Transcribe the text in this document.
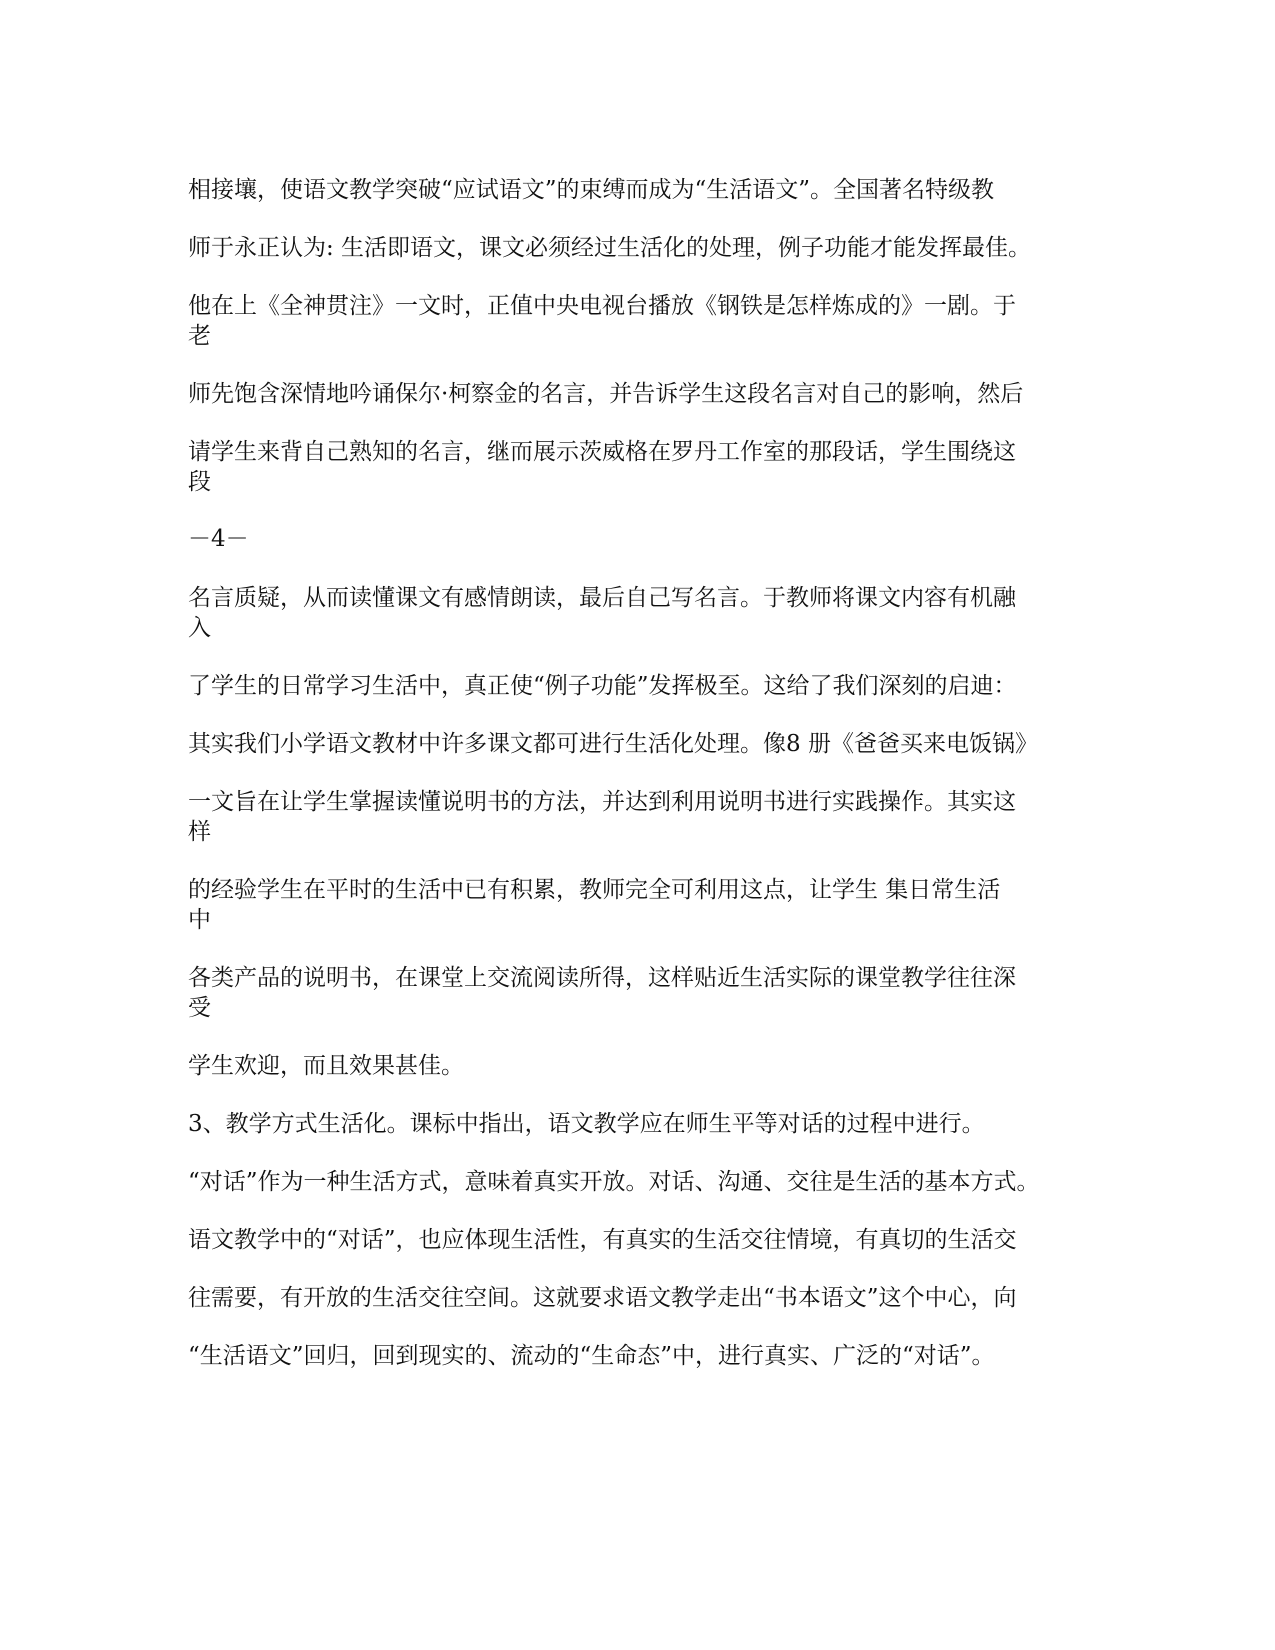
相接壤，使语文教学突破“应试语文”的束缚而成为“生活语文”。全国著名特级教

师于永正认为: 生活即语文，课文必须经过生活化的处理，例子功能才能发挥最佳。

他在上《全神贯注》一文时，正值中央电视台播放《钢铁是怎样炼成的》一剧。于

老

师先饱含深情地吟诵保尔·柯察金的名言，并告诉学生这段名言对自己的影响，然后

请学生来背自己熟知的名言，继而展示茨威格在罗丹工作室的那段话，学生围绕这

段

－4－

名言质疑，从而读懂课文有感情朗读，最后自己写名言。于教师将课文内容有机融

入

了学生的日常学习生活中，真正使“例子功能”发挥极至。这给了我们深刻的启迪：

其实我们小学语文教材中许多课文都可进行生活化处理。像8 册《爸爸买来电饭锅》

一文旨在让学生掌握读懂说明书的方法，并达到利用说明书进行实践操作。其实这

样

的经验学生在平时的生活中已有积累，教师完全可利用这点，让学生 集日常生活

中

各类产品的说明书，在课堂上交流阅读所得，这样贴近生活实际的课堂教学往往深

受

学生欢迎，而且效果甚佳。

3、教学方式生活化。课标中指出，语文教学应在师生平等对话的过程中进行。

“对话”作为一种生活方式，意味着真实开放。对话、沟通、交往是生活的基本方式。

语文教学中的“对话”，也应体现生活性，有真实的生活交往情境，有真切的生活交

往需要，有开放的生活交往空间。这就要求语文教学走出“书本语文”这个中心，向

“生活语文”回归，回到现实的、流动的“生命态”中，进行真实、广泛的“对话”。
